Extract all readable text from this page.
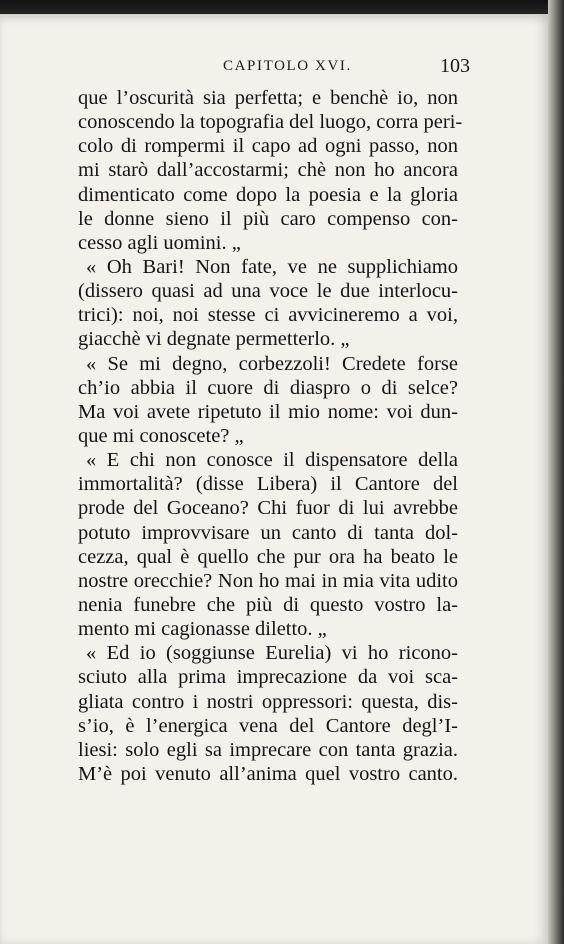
CAPITOLO XVI.	103
que l’oscurità sia perfetta; e benchè io, non
conoscendo la topografia del luogo, corra peri-
colo di rompermi il capo ad ogni passo, non
mi starò dall’accostarmi; chè non ho ancora
dimenticato come dopo la poesia e la gloria
le donne sieno il più caro compenso con-
cesso agli uomini. „
« Oh Bari! Non fate, ve ne supplichiamo
(dissero quasi ad una voce le due interlocu-
trici): noi, noi stesse ci avvicineremo a voi,
giacchè vi degnate permetterlo. „
« Se mi degno, corbezzoli! Credete forse
ch’io abbia il cuore di diaspro o di selce?
Ma voi avete ripetuto il mio nome: voi dun-
que mi conoscete? „
« E chi non conosce il dispensatore della
immortalità? (disse Libera) il Cantore del
prode del Goceano? Chi fuor di lui avrebbe
potuto improvvisare un canto di tanta dol-
cezza, qual è quello che pur ora ha beato le
nostre orecchie? Non ho mai in mia vita udito
nenia funebre che più di questo vostro la-
mento mi cagionasse diletto. „
« Ed io (soggiunse Eurelia) vi ho ricono-
sciuto alla prima imprecazione da voi sca-
gliata contro i nostri oppressori: questa, dis-
s’io, è l’energica vena del Cantore degl’I-
liesi: solo egli sa imprecare con tanta grazia.
M’è poi venuto all’anima quel vostro canto.
